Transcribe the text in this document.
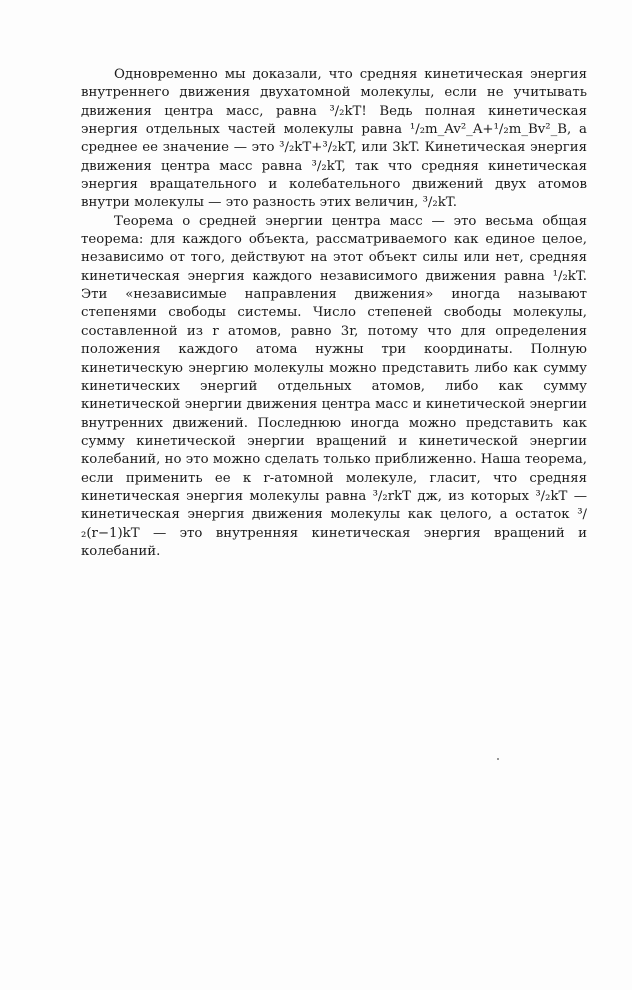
Одновременно мы доказали, что средняя кинетическая энергия внутреннего движения двухатомной молекулы, если не учитывать движения центра масс, равна ³/₂kT! Ведь полная кинетическая энергия отдельных частей молекулы равна ¹/₂m_Av²_A+¹/₂m_Bv²_B, а среднее ее значение — это ³/₂kT+³/₂kT, или 3kT. Кинетическая энергия движения центра масс равна ³/₂kT, так что средняя кинетическая энергия вращательного и колебательного движений двух атомов внутри молекулы — это разность этих величин, ³/₂kT.

Теорема о средней энергии центра масс — это весьма общая теорема: для каждого объекта, рассматриваемого как единое целое, независимо от того, действуют на этот объект силы или нет, средняя кинетическая энергия каждого независимого движения равна ¹/₂kT. Эти «независимые направления движения» иногда называют степенями свободы системы. Число степеней свободы молекулы, составленной из r атомов, равно 3r, потому что для определения положения каждого атома нужны три координаты. Полную кинетическую энергию молекулы можно представить либо как сумму кинетических энергий отдельных атомов, либо как сумму кинетической энергии движения центра масс и кинетической энергии внутренних движений. Последнюю иногда можно представить как сумму кинетической энергии вращений и кинетической энергии колебаний, но это можно сделать только приближенно. Наша теорема, если применить ее к r-атомной молекуле, гласит, что средняя кинетическая энергия молекулы равна ³/₂rkT дж, из которых ³/₂kT — кинетическая энергия движения молекулы как целого, а остаток ³/₂(r−1)kT — это внутренняя кинетическая энергия вращений и колебаний.
